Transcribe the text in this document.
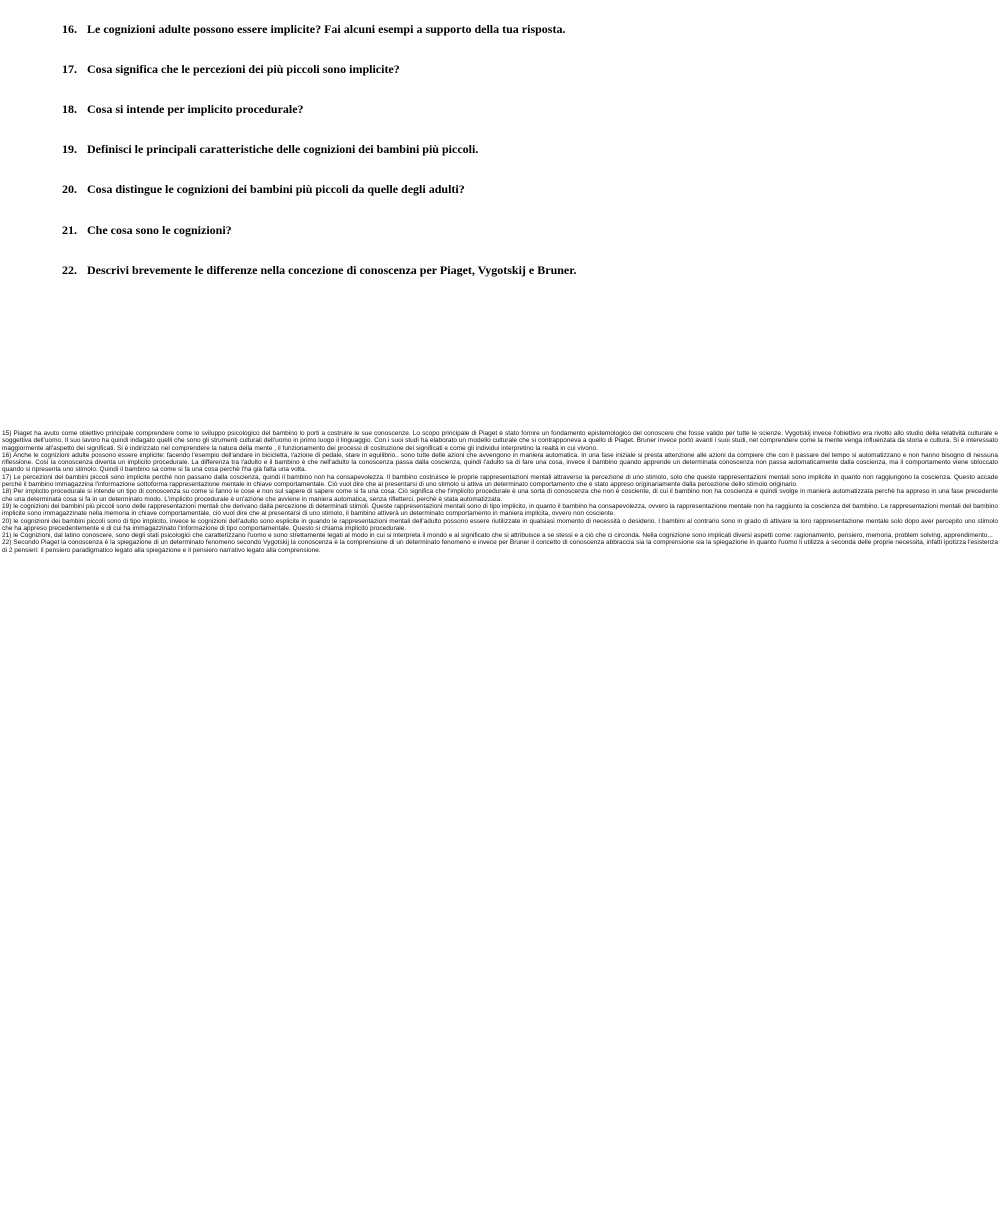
16. Le cognizioni adulte possono essere implicite? Fai alcuni esempi a supporto della tua risposta.
17. Cosa significa che le percezioni dei più piccoli sono implicite?
18. Cosa si intende per implicito procedurale?
19. Definisci le principali caratteristiche delle cognizioni dei bambini più piccoli.
20. Cosa distingue le cognizioni dei bambini più piccoli da quelle degli adulti?
21. Che cosa sono le cognizioni?
22. Descrivi brevemente le differenze nella concezione di conoscenza per Piaget, Vygotskij e Bruner.

15) Piaget ha avuto come obiettivo principale comprendere come lo sviluppo psicologico del bambino lo porti a costruire le sue conoscenze. Lo scopo principale di Piaget è stato fornire un fondamento epistemologico del conoscere che fosse valido per tutte le scienze. Vygotskij invece l'obiettivo era rivolto allo studio della relatività culturale e soggettiva dell'uomo. Il suo lavoro ha quindi indagato quelli che sono gli strumenti culturali dell'uomo in primo luogo il linguaggio. Con i suoi studi ha elaborato un modello culturale che si contrapponeva a quello di Piaget. Bruner invece portò avanti i suoi studi, nel comprendere come la mente venga influenzata da storia e cultura. Si è interessato maggiormente all'aspetto dei significati. Si è indirizzato nel comprendere la natura della mente , il funzionamento dei processi di costruzione dei significati e come gli individui interpretino la realtà in cui vivono.

16) Anche le cognizioni adulte possono essere implicite: facendo l'esempio dell'andare in bicicletta, l'azione di pedale, stare in equilibrio.. sono tutte delle azioni che avvengono in maniera automatica. In una fase iniziale si presta attenzione alle azioni da compiere che con il passare del tempo si automatizzano e non hanno bisogno di nessuna riflessione. Così la conoscenza diventa un implicito procedurale. La differenza tra l'adulto e il bambino è che nell'adulto la conoscenza passa dalla coscienza, quindi l'adulto sa di fare una cosa, invece il bambino quando apprende un determinata conoscenza non passa automaticamente dalla coscienza, ma il comportamento viene sbloccato quando si ripresenta uno stimolo. Quindi il bambino sa come si fa una cosa perchè l'ha già fatta una volta.

17) Le percezioni dei bambini piccoli sono implicite perchè non passano dalla coscienza, quindi il bambino non ha consapevolezza. Il bambino costruisce le proprie rappresentazioni mentali attraverso la percezione di uno stimolo, solo che queste rappresentazioni mentali sono implicite in quanto non raggiungono la coscienza. Questo accade perchè il bambino immagazzina l'informazione sottoforma rappresentazione mentale in chiave comportamentale. Ciò vuol dire che al presentarsi di uno stimolo si attiva un determinato comportamento che è stato appreso originariamente dalla percezione dello stimolo originario.

18) Per implicito procedurale si intende un tipo di conoscenza su come si fanno le cose e non sul sapere di sapere come si fa una cosa. Ciò significa che l'implicito procedurale è una sorta di conoscenza che non è cosciente, di cui il bambino non ha coscienza e quindi svolge in maniera automatizzata perchè ha appreso in una fase precedente che una determinata cosa si fa in un determinato modo. L'implicito procedurale è un'azione che avviene in maniera automatica, senza rifletterci, perchè è stata automatizzata.

19) le cognizioni dei bambini più piccoli sono delle rappresentazioni mentali che derivano dalla percezione di determinati stimoli. Queste rappresentazioni mentali sono di tipo implicito, in quanto il bambino ha consapevolezza, ovvero la rappresentazione mentale non ha raggiunto la coscienza del bambino. Le rappresentazioni mentali del bambino implicite sono immagazzinate nella memoria in chiave comportamentale, ciò vuol dire che al presentarsi di uno stimolo, il bambino attiverà un determinato comportamento in maniera implicita, ovvero non cosciente.

20) le cognizioni dei bambini piccoli sono di tipo implicito, invece le cognizioni dell'adulto sono esplicite in quando le rappresentazioni mentali dell'adulto possono essere riutilizzate in qualsiasi momento di necessità o desiderio. I bambini al contrario sono in grado di attivare la loro rappresentazione mentale solo dopo aver percepito uno stimolo che ha appreso precedentemente e di cui ha immagazzinato l'informazione di tipo comportamentale. Questo si chiama implicito procedurale.

21) le Cognizioni, dal latino conoscere, sono degli stati psicologici che caratterizzano l'uomo e sono strettamente legati al modo in cui si interpreta il mondo e al significato che si attribuisce a se stessi e a ciò che ci circonda. Nella cognizione sono implicati diversi aspetti come: ragionamento, pensiero, memoria, problem solving, apprendimento...

22) Secondo Piaget la conoscenza è la spiegazione di un determinato fenomeno secondo Vygotskij la conoscenza è la comprensione di un determinato fenomeno e invece per Bruner il concetto di conoscenza abbraccia sia la comprensione sia la spiegazione in quanto l'uomo li utilizza a seconda delle proprie necessita, infatti ipotizza l'esistenza di 2 pensieri: il pensiero paradigmatico legato alla spiegazione e il pensiero narrativo legato alla comprensione.
